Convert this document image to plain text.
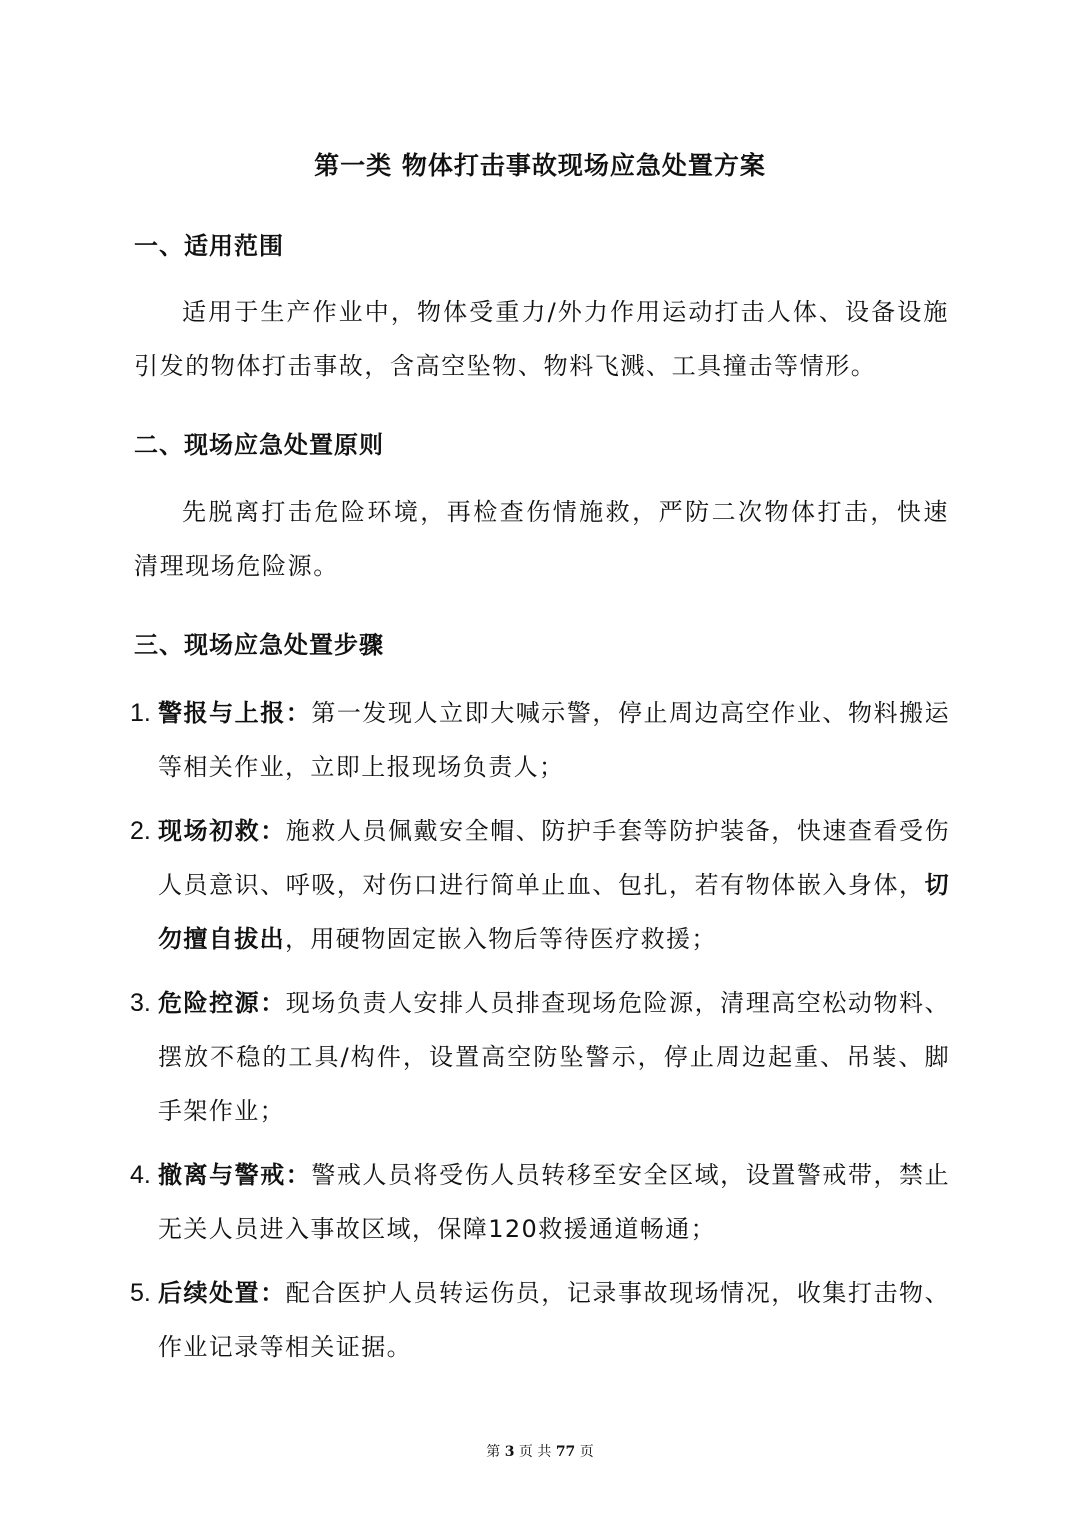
第一类 物体打击事故现场应急处置方案
一、适用范围
适用于生产作业中，物体受重力/外力作用运动打击人体、设备设施引发的物体打击事故，含高空坠物、物料飞溅、工具撞击等情形。
二、现场应急处置原则
先脱离打击危险环境，再检查伤情施救，严防二次物体打击，快速清理现场危险源。
三、现场应急处置步骤
1. 警报与上报：第一发现人立即大喊示警，停止周边高空作业、物料搬运等相关作业，立即上报现场负责人；
2. 现场初救：施救人员佩戴安全帽、防护手套等防护装备，快速查看受伤人员意识、呼吸，对伤口进行简单止血、包扎，若有物体嵌入身体，切勿擅自拔出，用硬物固定嵌入物后等待医疗救援；
3. 危险控源：现场负责人安排人员排查现场危险源，清理高空松动物料、摆放不稳的工具/构件，设置高空防坠警示，停止周边起重、吊装、脚手架作业；
4. 撤离与警戒：警戒人员将受伤人员转移至安全区域，设置警戒带，禁止无关人员进入事故区域，保障120救援通道畅通；
5. 后续处置：配合医护人员转运伤员，记录事故现场情况，收集打击物、作业记录等相关证据。
第 3 页 共 77 页
